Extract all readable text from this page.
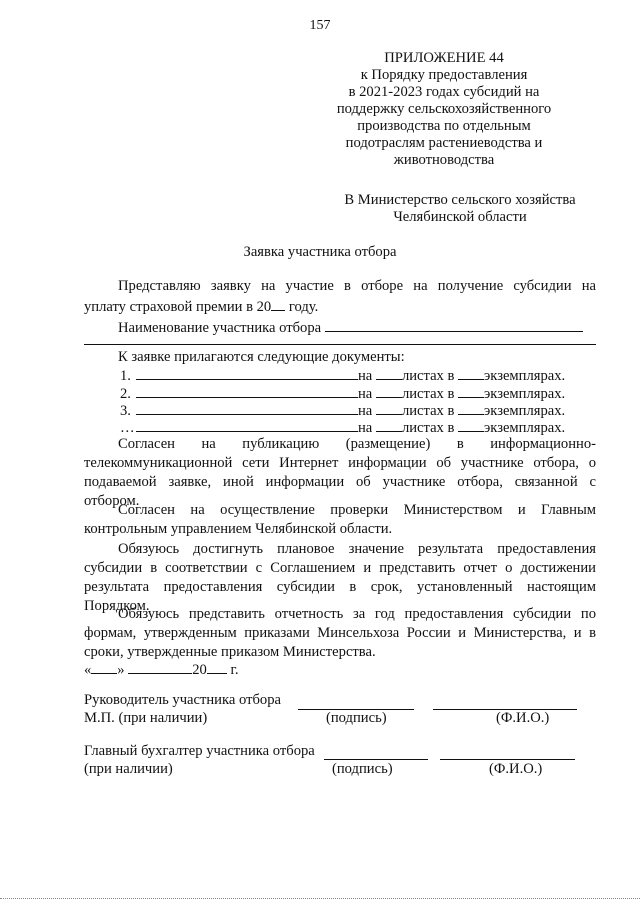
157
ПРИЛОЖЕНИЕ 44
к Порядку предоставления
в 2021-2023 годах субсидий на
поддержку сельскохозяйственного
производства по отдельным
подотраслям растениеводства и
животноводства
В Министерство сельского хозяйства
Челябинской области
Заявка участника отбора
Представляю заявку на участие в отборе на получение субсидии на
уплату страховой премии в 20 году.
Наименование участника отбора
К заявке прилагаются следующие документы:
1.	на листах в экземплярах.
2.	на листах в экземплярах.
3.	на листах в экземплярах.
…	на листах в экземплярах.
Согласен на публикацию (размещение) в информационно-
телекоммуникационной сети Интернет информации об участнике отбора, о
подаваемой заявке, иной информации об участнике отбора, связанной с
отбором.
Согласен на осуществление проверки Министерством и Главным
контрольным управлением Челябинской области.
Обязуюсь достигнуть плановое значение результата предоставления
субсидии в соответствии с Соглашением и представить отчет о достижении
результата предоставления субсидии в срок, установленный настоящим
Порядком.
Обязуюсь представить отчетность за год предоставления субсидии по
формам, утвержденным приказами Минсельхоза России и Министерства, и в
сроки, утвержденные приказом Министерства.
« »	20 г.
Руководитель участника отбора
М.П. (при наличии)	(подпись)	(Ф.И.О.)
Главный бухгалтер участника отбора
(при наличии)	(подпись)	(Ф.И.О.)
